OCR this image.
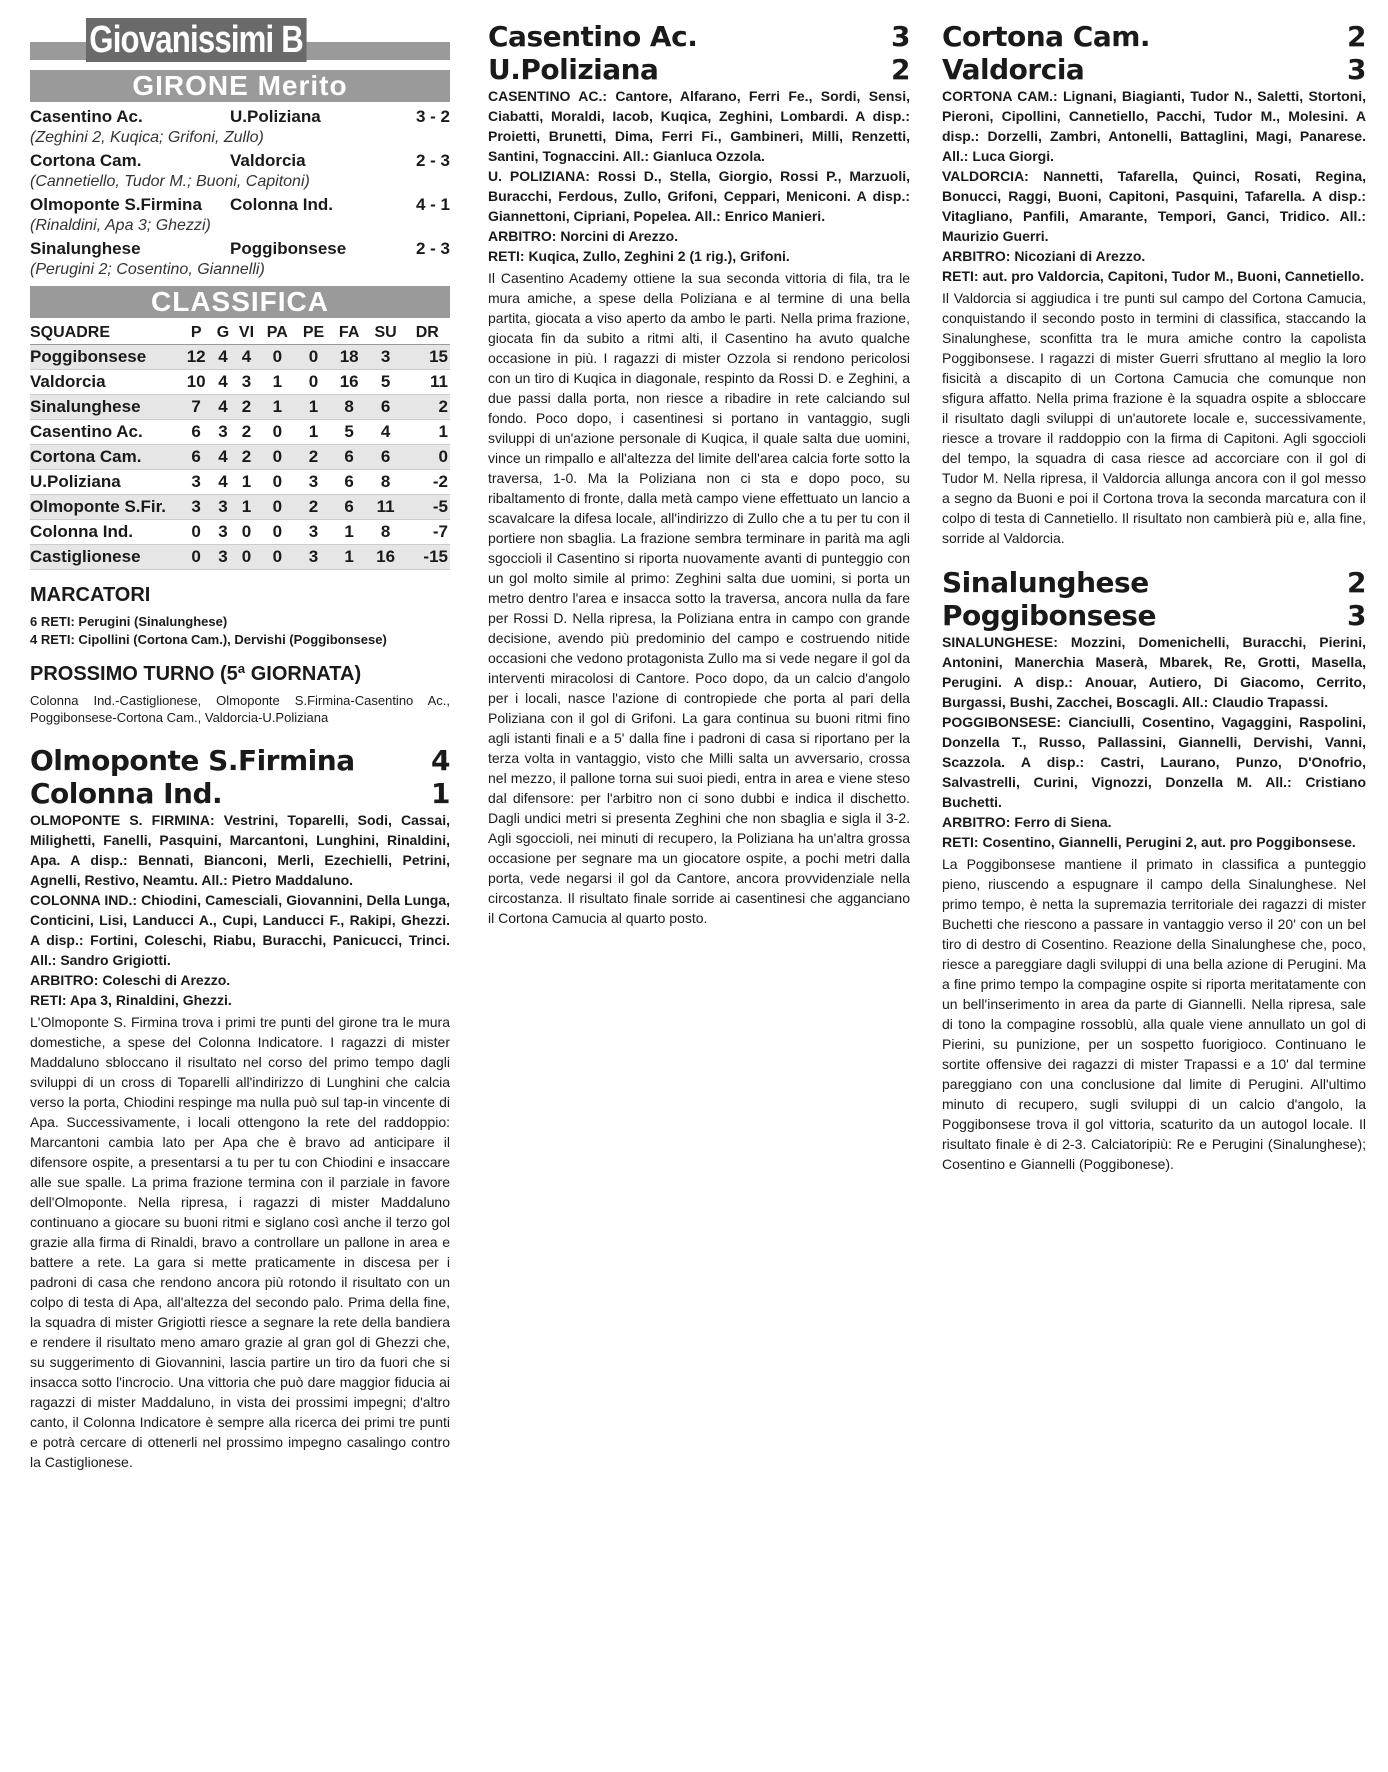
Giovanissimi B
GIRONE Merito
Casentino Ac.	U.Poliziana	3 - 2
(Zeghini 2, Kuqica; Grifoni, Zullo)
Cortona Cam.	Valdorcia	2 - 3
(Cannetiello, Tudor M.; Buoni, Capitoni)
Olmoponte S.Firmina	Colonna Ind.	4 - 1
(Rinaldini, Apa 3; Ghezzi)
Sinalunghese	Poggibonsese	2 - 3
(Perugini 2; Cosentino, Giannelli)
CLASSIFICA
SQUADRE	P	G	VI	PA	PE	FA	SU	DR
Poggibonsese	12	4	4	0	0	18	3	15
Valdorcia	10	4	3	1	0	16	5	11
Sinalunghese	7	4	2	1	1	8	6	2
Casentino Ac.	6	3	2	0	1	5	4	1
Cortona Cam.	6	4	2	0	2	6	6	0
U.Poliziana	3	4	1	0	3	6	8	-2
Olmoponte S.Fir.	3	3	1	0	2	6	11	-5
Colonna Ind.	0	3	0	0	3	1	8	-7
Castiglionese	0	3	0	0	3	1	16	-15
MARCATORI
6 RETI: Perugini (Sinalunghese)
4 RETI: Cipollini (Cortona Cam.), Dervishi (Poggibonsese)
PROSSIMO TURNO (5ª GIORNATA)
Colonna Ind.-Castiglionese, Olmoponte S.Firmina-Casentino Ac., Poggibonsese-Cortona Cam., Valdorcia-U.Poliziana
Olmoponte S.Firmina	4
Colonna Ind.	1
OLMOPONTE S. FIRMINA: Vestrini, Toparelli, Sodi, Cassai, Milighetti, Fanelli, Pasquini, Marcantoni, Lunghini, Rinaldini, Apa. A disp.: Bennati, Bianconi, Merli, Ezechielli, Petrini, Agnelli, Restivo, Neamtu. All.: Pietro Maddaluno.
COLONNA IND.: Chiodini, Camesciali, Giovannini, Della Lunga, Conticini, Lisi, Landucci A., Cupi, Landucci F., Rakipi, Ghezzi. A disp.: Fortini, Coleschi, Riabu, Buracchi, Panicucci, Trinci. All.: Sandro Grigiotti.
ARBITRO: Coleschi di Arezzo.
RETI: Apa 3, Rinaldini, Ghezzi.
L'Olmoponte S. Firmina trova i primi tre punti del girone tra le mura domestiche, a spese del Colonna Indicatore. I ragazzi di mister Maddaluno sbloccano il risultato nel corso del primo tempo dagli sviluppi di un cross di Toparelli all'indirizzo di Lunghini che calcia verso la porta, Chiodini respinge ma nulla può sul tap-in vincente di Apa. Successivamente, i locali ottengono la rete del raddoppio: Marcantoni cambia lato per Apa che è bravo ad anticipare il difensore ospite, a presentarsi a tu per tu con Chiodini e insaccare alle sue spalle. La prima frazione termina con il parziale in favore dell'Olmoponte. Nella ripresa, i ragazzi di mister Maddaluno continuano a giocare su buoni ritmi e siglano così anche il terzo gol grazie alla firma di Rinaldi, bravo a controllare un pallone in area e battere a rete. La gara si mette praticamente in discesa per i padroni di casa che rendono ancora più rotondo il risultato con un colpo di testa di Apa, all'altezza del secondo palo. Prima della fine, la squadra di mister Grigiotti riesce a segnare la rete della bandiera e rendere il risultato meno amaro grazie al gran gol di Ghezzi che, su suggerimento di Giovannini, lascia partire un tiro da fuori che si insacca sotto l'incrocio. Una vittoria che può dare maggior fiducia ai ragazzi di mister Maddaluno, in vista dei prossimi impegni; d'altro canto, il Colonna Indicatore è sempre alla ricerca dei primi tre punti e potrà cercare di ottenerli nel prossimo impegno casalingo contro la Castiglionese.
Casentino Ac.	3
U.Poliziana	2
CASENTINO AC.: Cantore, Alfarano, Ferri Fe., Sordi, Sensi, Ciabatti, Moraldi, Iacob, Kuqica, Zeghini, Lombardi. A disp.: Proietti, Brunetti, Dima, Ferri Fi., Gambineri, Milli, Renzetti, Santini, Tognaccini. All.: Gianluca Ozzola.
U. POLIZIANA: Rossi D., Stella, Giorgio, Rossi P., Marzuoli, Buracchi, Ferdous, Zullo, Grifoni, Ceppari, Meniconi. A disp.: Giannettoni, Cipriani, Popelea. All.: Enrico Manieri.
ARBITRO: Norcini di Arezzo.
RETI: Kuqica, Zullo, Zeghini 2 (1 rig.), Grifoni.
Il Casentino Academy ottiene la sua seconda vittoria di fila, tra le mura amiche, a spese della Poliziana e al termine di una bella partita, giocata a viso aperto da ambo le parti. Nella prima frazione, giocata fin da subito a ritmi alti, il Casentino ha avuto qualche occasione in più. I ragazzi di mister Ozzola si rendono pericolosi con un tiro di Kuqica in diagonale, respinto da Rossi D. e Zeghini, a due passi dalla porta, non riesce a ribadire in rete calciando sul fondo. Poco dopo, i casentinesi si portano in vantaggio, sugli sviluppi di un'azione personale di Kuqica, il quale salta due uomini, vince un rimpallo e all'altezza del limite dell'area calcia forte sotto la traversa, 1-0. Ma la Poliziana non ci sta e dopo poco, su ribaltamento di fronte, dalla metà campo viene effettuato un lancio a scavalcare la difesa locale, all'indirizzo di Zullo che a tu per tu con il portiere non sbaglia. La frazione sembra terminare in parità ma agli sgoccioli il Casentino si riporta nuovamente avanti di punteggio con un gol molto simile al primo: Zeghini salta due uomini, si porta un metro dentro l'area e insacca sotto la traversa, ancora nulla da fare per Rossi D. Nella ripresa, la Poliziana entra in campo con grande decisione, avendo più predominio del campo e costruendo nitide occasioni che vedono protagonista Zullo ma si vede negare il gol da interventi miracolosi di Cantore. Poco dopo, da un calcio d'angolo per i locali, nasce l'azione di contropiede che porta al pari della Poliziana con il gol di Grifoni. La gara continua su buoni ritmi fino agli istanti finali e a 5' dalla fine i padroni di casa si riportano per la terza volta in vantaggio, visto che Milli salta un avversario, crossa nel mezzo, il pallone torna sui suoi piedi, entra in area e viene steso dal difensore: per l'arbitro non ci sono dubbi e indica il dischetto. Dagli undici metri si presenta Zeghini che non sbaglia e sigla il 3-2. Agli sgoccioli, nei minuti di recupero, la Poliziana ha un'altra grossa occasione per segnare ma un giocatore ospite, a pochi metri dalla porta, vede negarsi il gol da Cantore, ancora provvidenziale nella circostanza. Il risultato finale sorride ai casentinesi che agganciano il Cortona Camucia al quarto posto.
Cortona Cam.	2
Valdorcia	3
CORTONA CAM.: Lignani, Biagianti, Tudor N., Saletti, Stortoni, Pieroni, Cipollini, Cannetiello, Pacchi, Tudor M., Molesini. A disp.: Dorzelli, Zambri, Antonelli, Battaglini, Magi, Panarese. All.: Luca Giorgi.
VALDORCIA: Nannetti, Tafarella, Quinci, Rosati, Regina, Bonucci, Raggi, Buoni, Capitoni, Pasquini, Tafarella. A disp.: Vitagliano, Panfili, Amarante, Tempori, Ganci, Tridico. All.: Maurizio Guerri.
ARBITRO: Nicoziani di Arezzo.
RETI: aut. pro Valdorcia, Capitoni, Tudor M., Buoni, Cannetiello.
Il Valdorcia si aggiudica i tre punti sul campo del Cortona Camucia, conquistando il secondo posto in termini di classifica, staccando la Sinalunghese, sconfitta tra le mura amiche contro la capolista Poggibonsese. I ragazzi di mister Guerri sfruttano al meglio la loro fisicità a discapito di un Cortona Camucia che comunque non sfigura affatto. Nella prima frazione è la squadra ospite a sbloccare il risultato dagli sviluppi di un'autorete locale e, successivamente, riesce a trovare il raddoppio con la firma di Capitoni. Agli sgoccioli del tempo, la squadra di casa riesce ad accorciare con il gol di Tudor M. Nella ripresa, il Valdorcia allunga ancora con il gol messo a segno da Buoni e poi il Cortona trova la seconda marcatura con il colpo di testa di Cannetiello. Il risultato non cambierà più e, alla fine, sorride al Valdorcia.
Sinalunghese	2
Poggibonsese	3
SINALUNGHESE: Mozzini, Domenichelli, Buracchi, Pierini, Antonini, Manerchia Maserà, Mbarek, Re, Grotti, Masella, Perugini. A disp.: Anouar, Autiero, Di Giacomo, Cerrito, Burgassi, Bushi, Zacchei, Boscagli. All.: Claudio Trapassi.
POGGIBONSESE: Cianciulli, Cosentino, Vagaggini, Raspolini, Donzella T., Russo, Pallassini, Giannelli, Dervishi, Vanni, Scazzola. A disp.: Castri, Laurano, Punzo, D'Onofrio, Salvastrelli, Curini, Vignozzi, Donzella M. All.: Cristiano Buchetti.
ARBITRO: Ferro di Siena.
RETI: Cosentino, Giannelli, Perugini 2, aut. pro Poggibonsese.
La Poggibonsese mantiene il primato in classifica a punteggio pieno, riuscendo a espugnare il campo della Sinalunghese. Nel primo tempo, è netta la supremazia territoriale dei ragazzi di mister Buchetti che riescono a passare in vantaggio verso il 20' con un bel tiro di destro di Cosentino. Reazione della Sinalunghese che, poco, riesce a pareggiare dagli sviluppi di una bella azione di Perugini. Ma a fine primo tempo la compagine ospite si riporta meritatamente con un bell'inserimento in area da parte di Giannelli. Nella ripresa, sale di tono la compagine rossoblù, alla quale viene annullato un gol di Pierini, su punizione, per un sospetto fuorigioco. Continuano le sortite offensive dei ragazzi di mister Trapassi e a 10' dal termine pareggiano con una conclusione dal limite di Perugini. All'ultimo minuto di recupero, sugli sviluppi di un calcio d'angolo, la Poggibonsese trova il gol vittoria, scaturito da un autogol locale. Il risultato finale è di 2-3. Calciatoripiù: Re e Perugini (Sinalunghese); Cosentino e Giannelli (Poggibonese).
